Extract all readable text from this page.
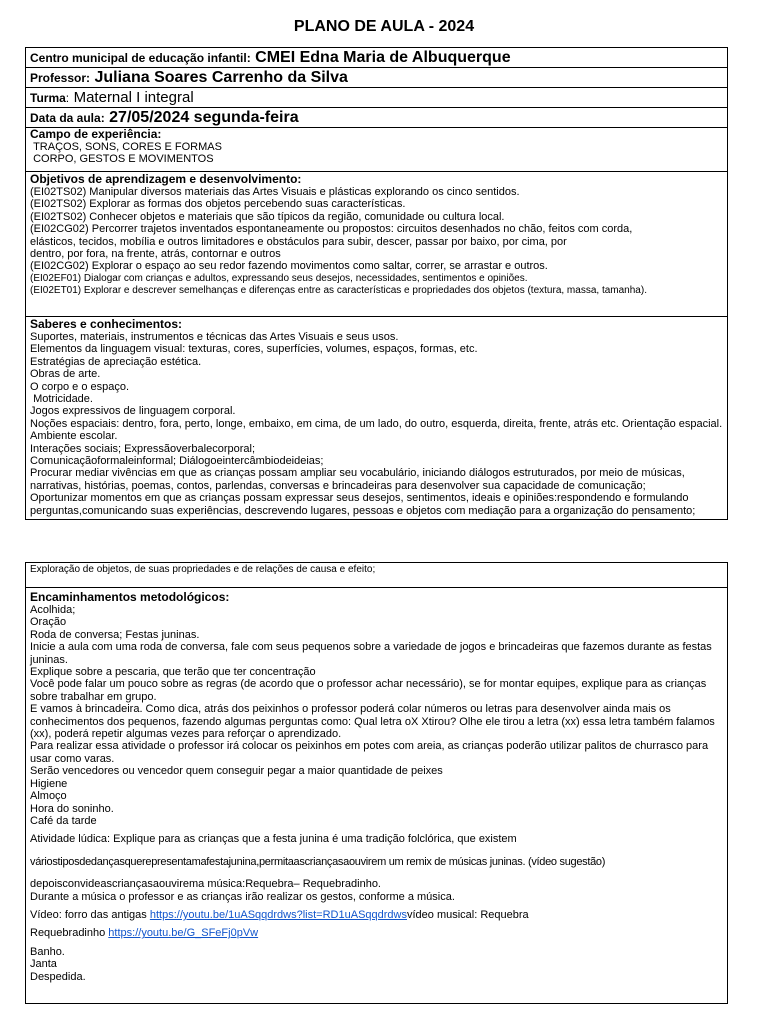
PLANO DE AULA - 2024
Centro municipal de educação infantil: CMEI Edna Maria de Albuquerque
Professor: Juliana Soares Carrenho da Silva
Turma: Maternal I integral
Data da aula: 27/05/2024 segunda-feira
Campo de experiência:
TRAÇOS, SONS, CORES E FORMAS
CORPO, GESTOS E MOVIMENTOS
Objetivos de aprendizagem e desenvolvimento:
(EI02TS02) Manipular diversos materiais das Artes Visuais e plásticas explorando os cinco sentidos.
(EI02TS02) Explorar as formas dos objetos percebendo suas características.
(EI02TS02) Conhecer objetos e materiais que são típicos da região, comunidade ou cultura local.
(EI02CG02) Percorrer trajetos inventados espontaneamente ou propostos: circuitos desenhados no chão, feitos com corda,
elásticos, tecidos, mobília e outros limitadores e obstáculos para subir, descer, passar por baixo, por cima, por
dentro, por fora, na frente, atrás, contornar e outros
(EI02CG02) Explorar o espaço ao seu redor fazendo movimentos como saltar, correr, se arrastar e outros.
(EI02EF01) Dialogar com crianças e adultos, expressando seus desejos, necessidades, sentimentos e opiniões.
(EI02ET01) Explorar e descrever semelhanças e diferenças entre as características e propriedades dos objetos (textura, massa, tamanha).
Saberes e conhecimentos:
Suportes, materiais, instrumentos e técnicas das Artes Visuais e seus usos.
Elementos da linguagem visual: texturas, cores, superfícies, volumes, espaços, formas, etc.
Estratégias de apreciação estética.
Obras de arte.
O corpo e o espaço.
Motricidade.
Jogos expressivos de linguagem corporal.
Noções espaciais: dentro, fora, perto, longe, embaixo, em cima, de um lado, do outro, esquerda, direita, frente, atrás etc. Orientação espacial.
Ambiente escolar.
Interações sociais; Expressãoverbalecorporal;
Comunicaçãoformaleinformal; Diálogoeintercâmbiodeideias;
Procurar mediar vivências em que as crianças possam ampliar seu vocabulário, iniciando diálogos estruturados, por meio de músicas,
narrativas, histórias, poemas, contos, parlendas, conversas e brincadeiras para desenvolver sua capacidade de comunicação;
Oportunizar momentos em que as crianças possam expressar seus desejos, sentimentos, ideais e opiniões:respondendo e formulando
perguntas,comunicando suas experiências, descrevendo lugares, pessoas e objetos com mediação para a organização do pensamento;
Exploração de objetos, de suas propriedades e de relações de causa e efeito;
Encaminhamentos metodológicos:
Acolhida;
Oração
Roda de conversa; Festas juninas.
Inicie a aula com uma roda de conversa, fale com seus pequenos sobre a variedade de jogos e brincadeiras que fazemos durante as festas
juninas.
Explique sobre a pescaria, que terão que ter concentração
Você pode falar um pouco sobre as regras (de acordo que o professor achar necessário), se for montar equipes, explique para as crianças
sobre trabalhar em grupo.
E vamos à brincadeira. Como dica, atrás dos peixinhos o professor poderá colar números ou letras para desenvolver ainda mais os
conhecimentos dos pequenos, fazendo algumas perguntas como: Qual letra oX Xtirou? Olhe ele tirou a letra (xx) essa letra também falamos
(xx), poderá repetir algumas vezes para reforçar o aprendizado.
Para realizar essa atividade o professor irá colocar os peixinhos em potes com areia, as crianças poderão utilizar palitos de churrasco para
usar como varas.
Serão vencedores ou vencedor quem conseguir pegar a maior quantidade de peixes
Higiene
Almoço
Hora do soninho.
Café da tarde
Atividade lúdica: Explique para as crianças que a festa junina é uma tradição folclórica, que existem
váriostiposdedançasquerepresentamafestajunina,permitaascriançasaouvirem um remix de músicas juninas. (vídeo sugestão)
depoisconvideascriançasaouvirema música:Requebra– Requebradinho.
Durante a música o professor e as crianças irão realizar os gestos, conforme a música.
Vídeo: forro das antigas https://youtu.be/1uASqqdrdws?list=RD1uASqqdrdwsvídeo musical: Requebra
Requebradinho https://youtu.be/G_SFeFj0pVw
Banho.
Janta
Despedida.
